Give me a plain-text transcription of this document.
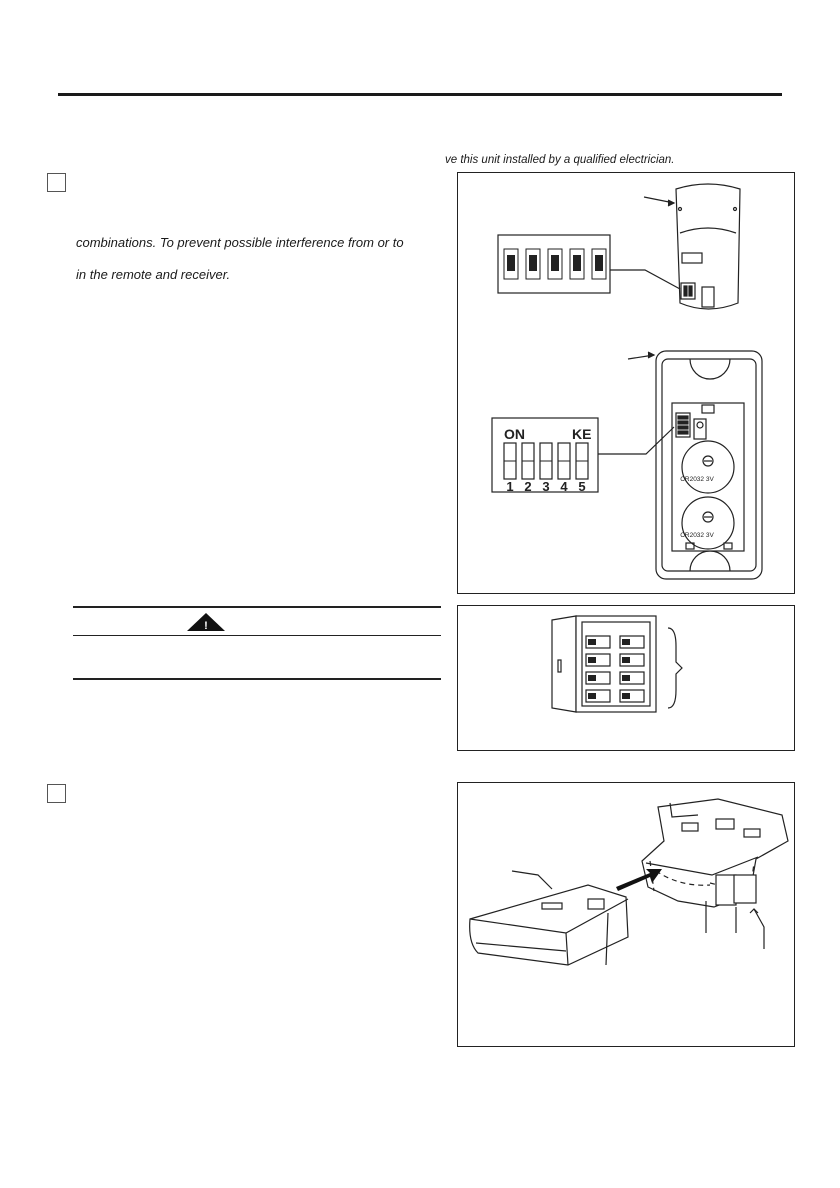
ve this unit installed by a qualified electrician.
combinations. To prevent possible interference from or to
in the remote and receiver.
CR2032 3V
CR2032 3V
ON	KE
1 2 3 4 5
!
